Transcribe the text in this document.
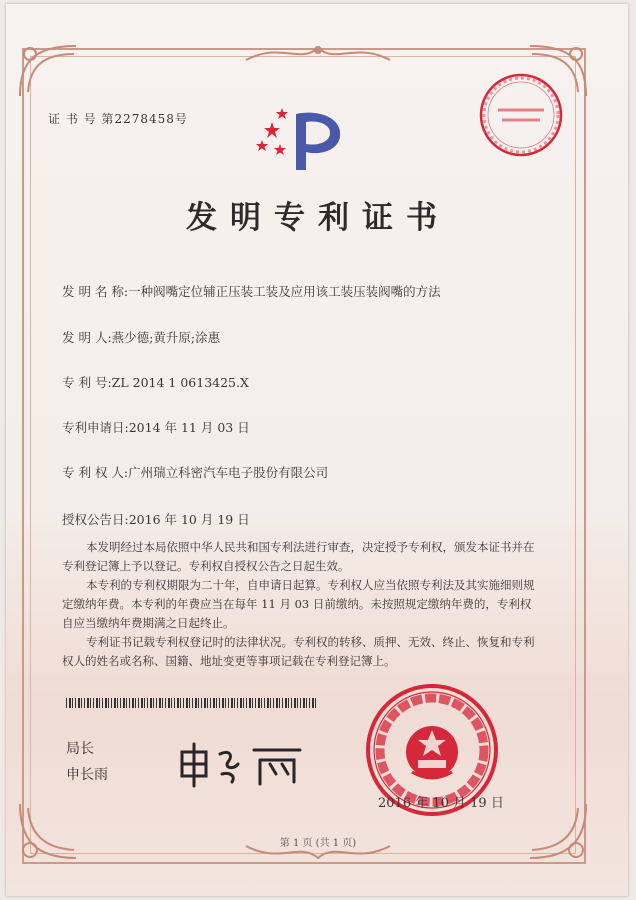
证 书 号 第2278458号
发明专利证书
发 明 名 称:一种阀嘴定位辅正压装工装及应用该工装压装阀嘴的方法
发 明 人:燕少德;黄升原;涂惠
专 利 号:ZL 2014 1 0613425.X
专利申请日:2014 年 11 月 03 日
专 利 权 人:广州瑞立科密汽车电子股份有限公司
授权公告日:2016 年 10 月 19 日

本发明经过本局依照中华人民共和国专利法进行审查，决定授予专利权，颁发本证书并在专利登记簿上予以登记。专利权自授权公告之日起生效。

本专利的专利权期限为二十年，自申请日起算。专利权人应当依照专利法及其实施细则规定缴纳年费。本专利的年费应当在每年 11 月 03 日前缴纳。未按照规定缴纳年费的，专利权自应当缴纳年费期满之日起终止。

专利证书记载专利权登记时的法律状况。专利权的转移、质押、无效、终止、恢复和专利权人的姓名或名称、国籍、地址变更等事项记载在专利登记簿上。

局长
申长雨
2016 年 10 月 19 日
第 1 页 (共 1 页)
